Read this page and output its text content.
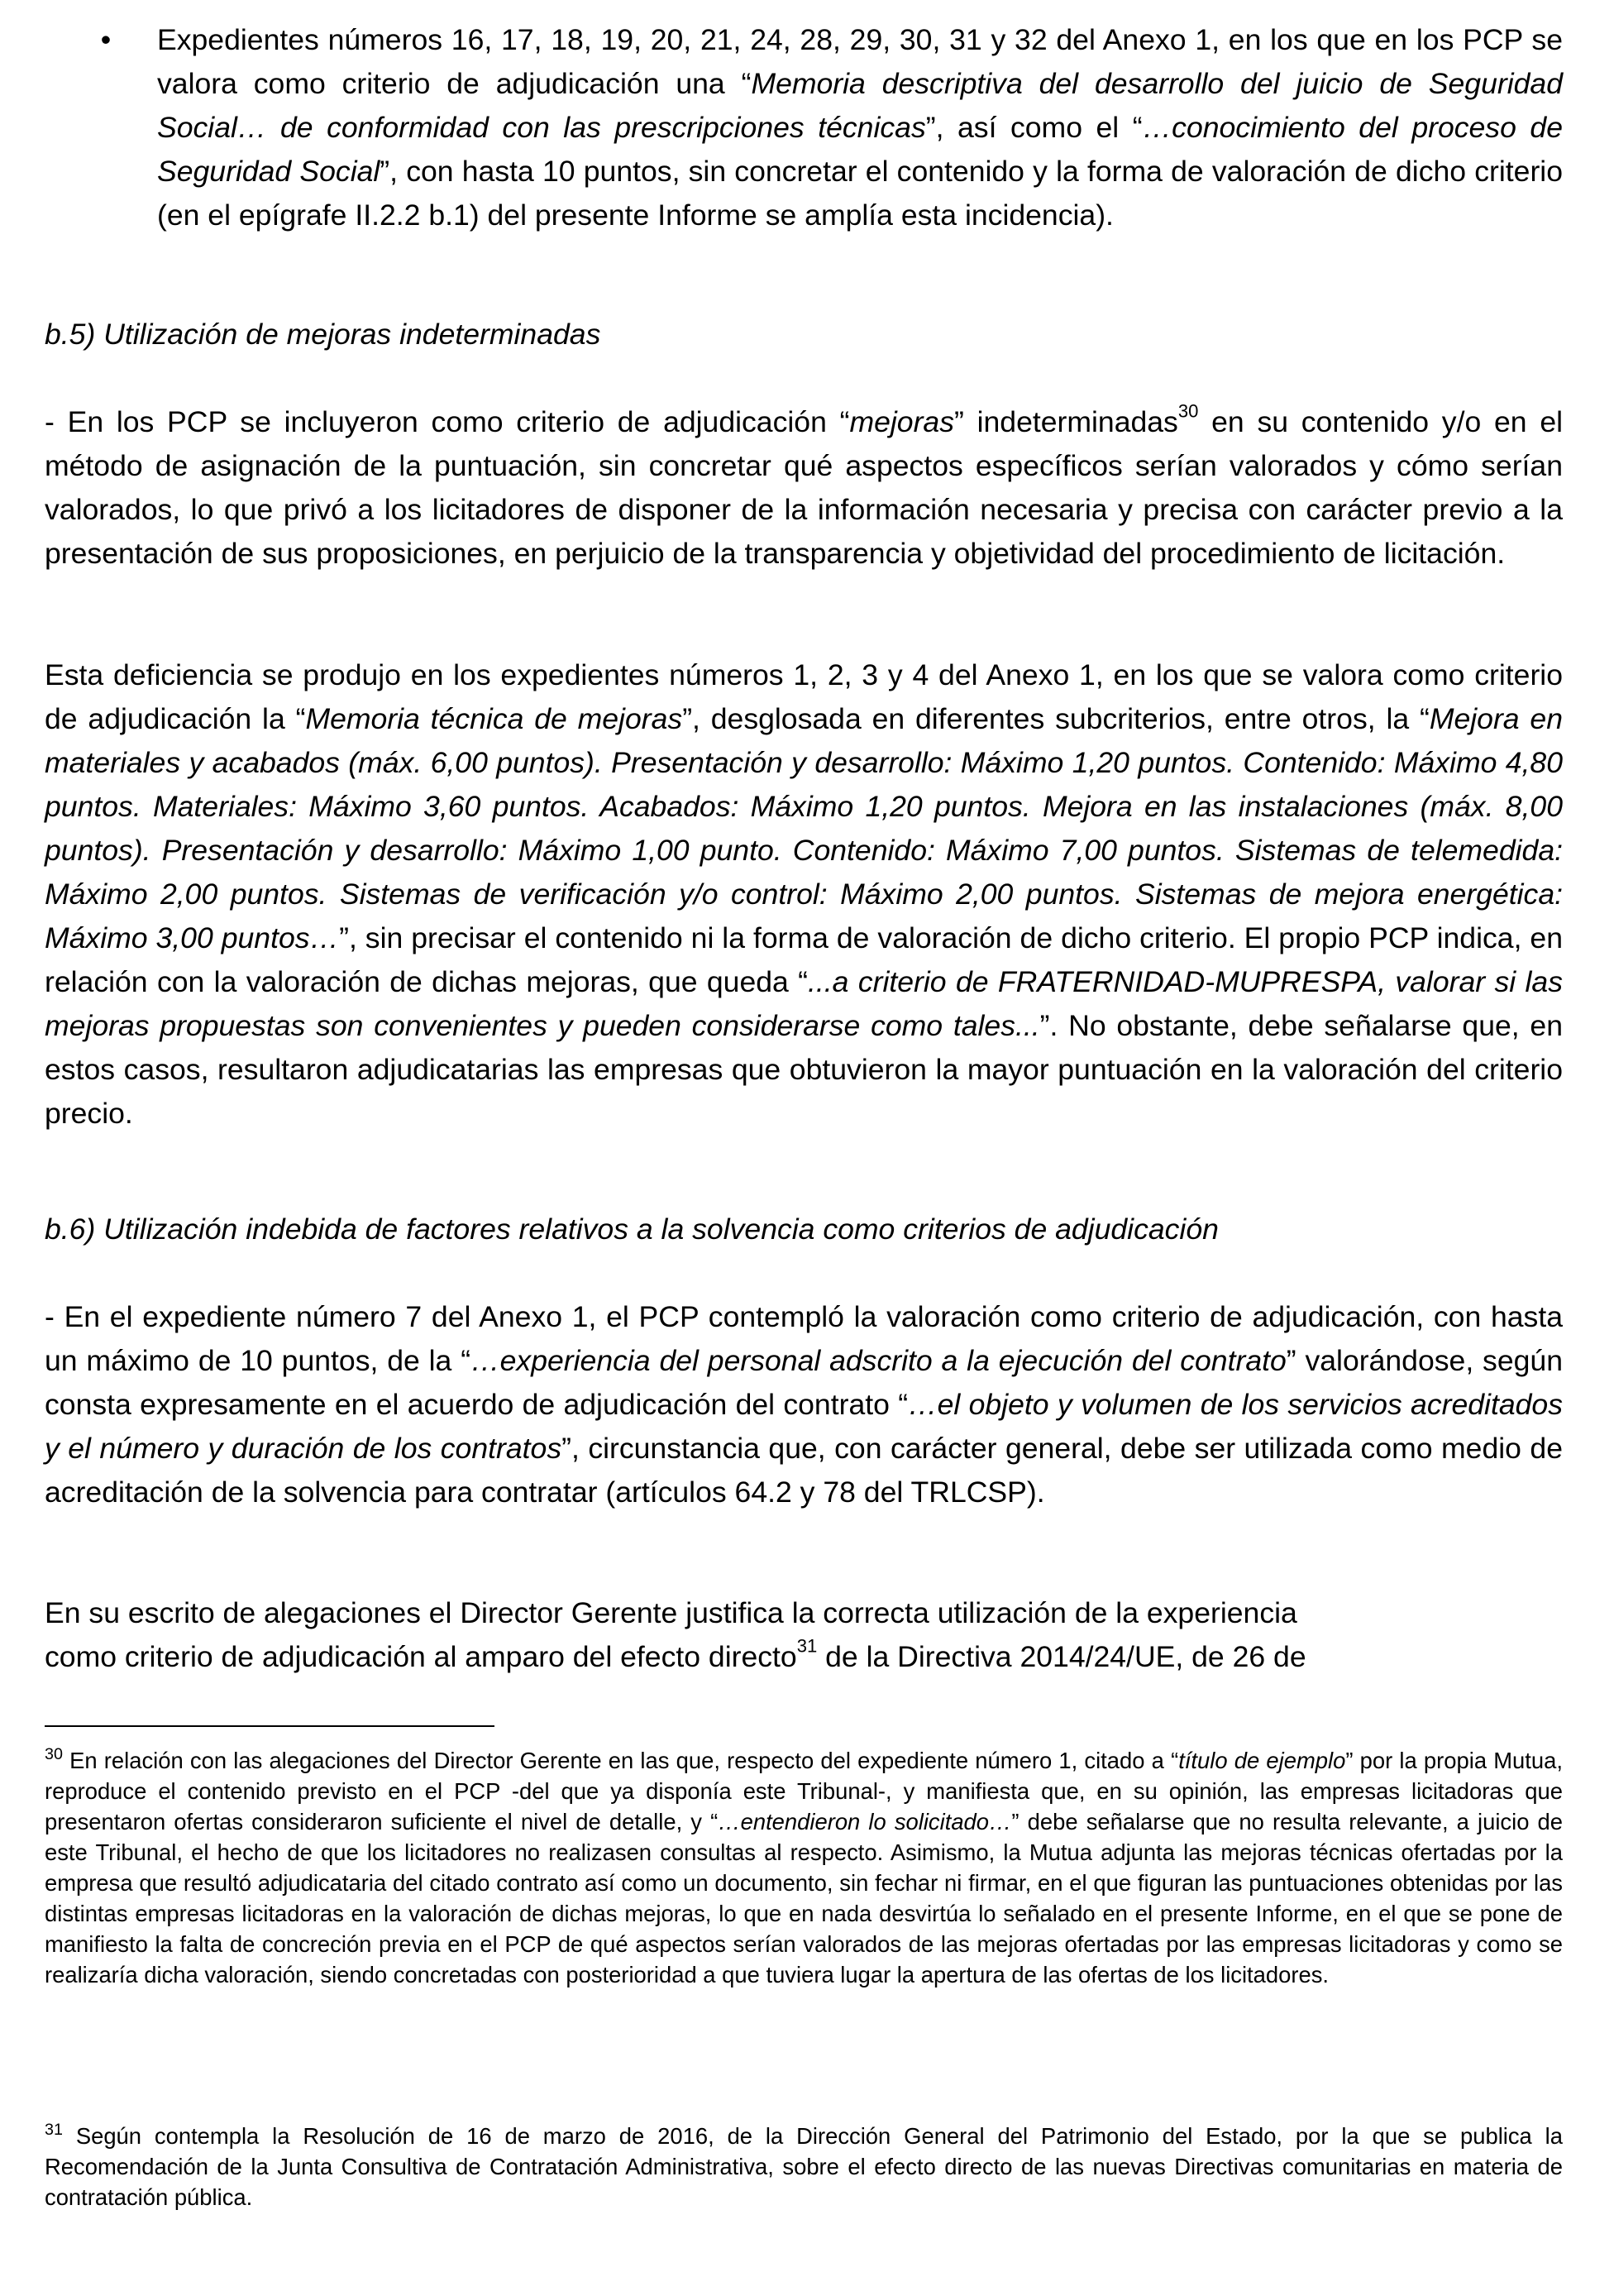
• Expedientes números 16, 17, 18, 19, 20, 21, 24, 28, 29, 30, 31 y 32 del Anexo 1, en los que en los PCP se valora como criterio de adjudicación una “Memoria descriptiva del desarrollo del juicio de Seguridad Social… de conformidad con las prescripciones técnicas”, así como el “…conocimiento del proceso de Seguridad Social”, con hasta 10 puntos, sin concretar el contenido y la forma de valoración de dicho criterio (en el epígrafe II.2.2 b.1) del presente Informe se amplía esta incidencia).

b.5) Utilización de mejoras indeterminadas

- En los PCP se incluyeron como criterio de adjudicación “mejoras” indeterminadas$^{30}$ en su contenido y/o en el método de asignación de la puntuación, sin concretar qué aspectos específicos serían valorados y cómo serían valorados, lo que privó a los licitadores de disponer de la información necesaria y precisa con carácter previo a la presentación de sus proposiciones, en perjuicio de la transparencia y objetividad del procedimiento de licitación.

Esta deficiencia se produjo en los expedientes números 1, 2, 3 y 4 del Anexo 1, en los que se valora como criterio de adjudicación la “Memoria técnica de mejoras”, desglosada en diferentes subcriterios, entre otros, la “Mejora en materiales y acabados (máx. 6,00 puntos). Presentación y desarrollo: Máximo 1,20 puntos. Contenido: Máximo 4,80 puntos. Materiales: Máximo 3,60 puntos. Acabados: Máximo 1,20 puntos. Mejora en las instalaciones (máx. 8,00 puntos). Presentación y desarrollo: Máximo 1,00 punto. Contenido: Máximo 7,00 puntos. Sistemas de telemedida: Máximo 2,00 puntos. Sistemas de verificación y/o control: Máximo 2,00 puntos. Sistemas de mejora energética: Máximo 3,00 puntos…”, sin precisar el contenido ni la forma de valoración de dicho criterio. El propio PCP indica, en relación con la valoración de dichas mejoras, que queda “...a criterio de FRATERNIDAD-MUPRESPA, valorar si las mejoras propuestas son convenientes y pueden considerarse como tales...”. No obstante, debe señalarse que, en estos casos, resultaron adjudicatarias las empresas que obtuvieron la mayor puntuación en la valoración del criterio precio.

b.6) Utilización indebida de factores relativos a la solvencia como criterios de adjudicación

- En el expediente número 7 del Anexo 1, el PCP contempló la valoración como criterio de adjudicación, con hasta un máximo de 10 puntos, de la “…experiencia del personal adscrito a la ejecución del contrato” valorándose, según consta expresamente en el acuerdo de adjudicación del contrato “…el objeto y volumen de los servicios acreditados y el número y duración de los contratos”, circunstancia que, con carácter general, debe ser utilizada como medio de acreditación de la solvencia para contratar (artículos 64.2 y 78 del TRLCSP).

En su escrito de alegaciones el Director Gerente justifica la correcta utilización de la experiencia
como criterio de adjudicación al amparo del efecto directo$^{31}$ de la Directiva 2014/24/UE, de 26 de

$^{30}$ En relación con las alegaciones del Director Gerente en las que, respecto del expediente número 1, citado a “título de ejemplo” por la propia Mutua, reproduce el contenido previsto en el PCP -del que ya disponía este Tribunal-, y manifiesta que, en su opinión, las empresas licitadoras que presentaron ofertas consideraron suficiente el nivel de detalle, y “…entendieron lo solicitado…” debe señalarse que no resulta relevante, a juicio de este Tribunal, el hecho de que los licitadores no realizasen consultas al respecto. Asimismo, la Mutua adjunta las mejoras técnicas ofertadas por la empresa que resultó adjudicataria del citado contrato así como un documento, sin fechar ni firmar, en el que figuran las puntuaciones obtenidas por las distintas empresas licitadoras en la valoración de dichas mejoras, lo que en nada desvirtúa lo señalado en el presente Informe, en el que se pone de manifiesto la falta de concreción previa en el PCP de qué aspectos serían valorados de las mejoras ofertadas por las empresas licitadoras y como se realizaría dicha valoración, siendo concretadas con posterioridad a que tuviera lugar la apertura de las ofertas de los licitadores.

$^{31}$ Según contempla la Resolución de 16 de marzo de 2016, de la Dirección General del Patrimonio del Estado, por la que se publica la Recomendación de la Junta Consultiva de Contratación Administrativa, sobre el efecto directo de las nuevas Directivas comunitarias en materia de contratación pública.
